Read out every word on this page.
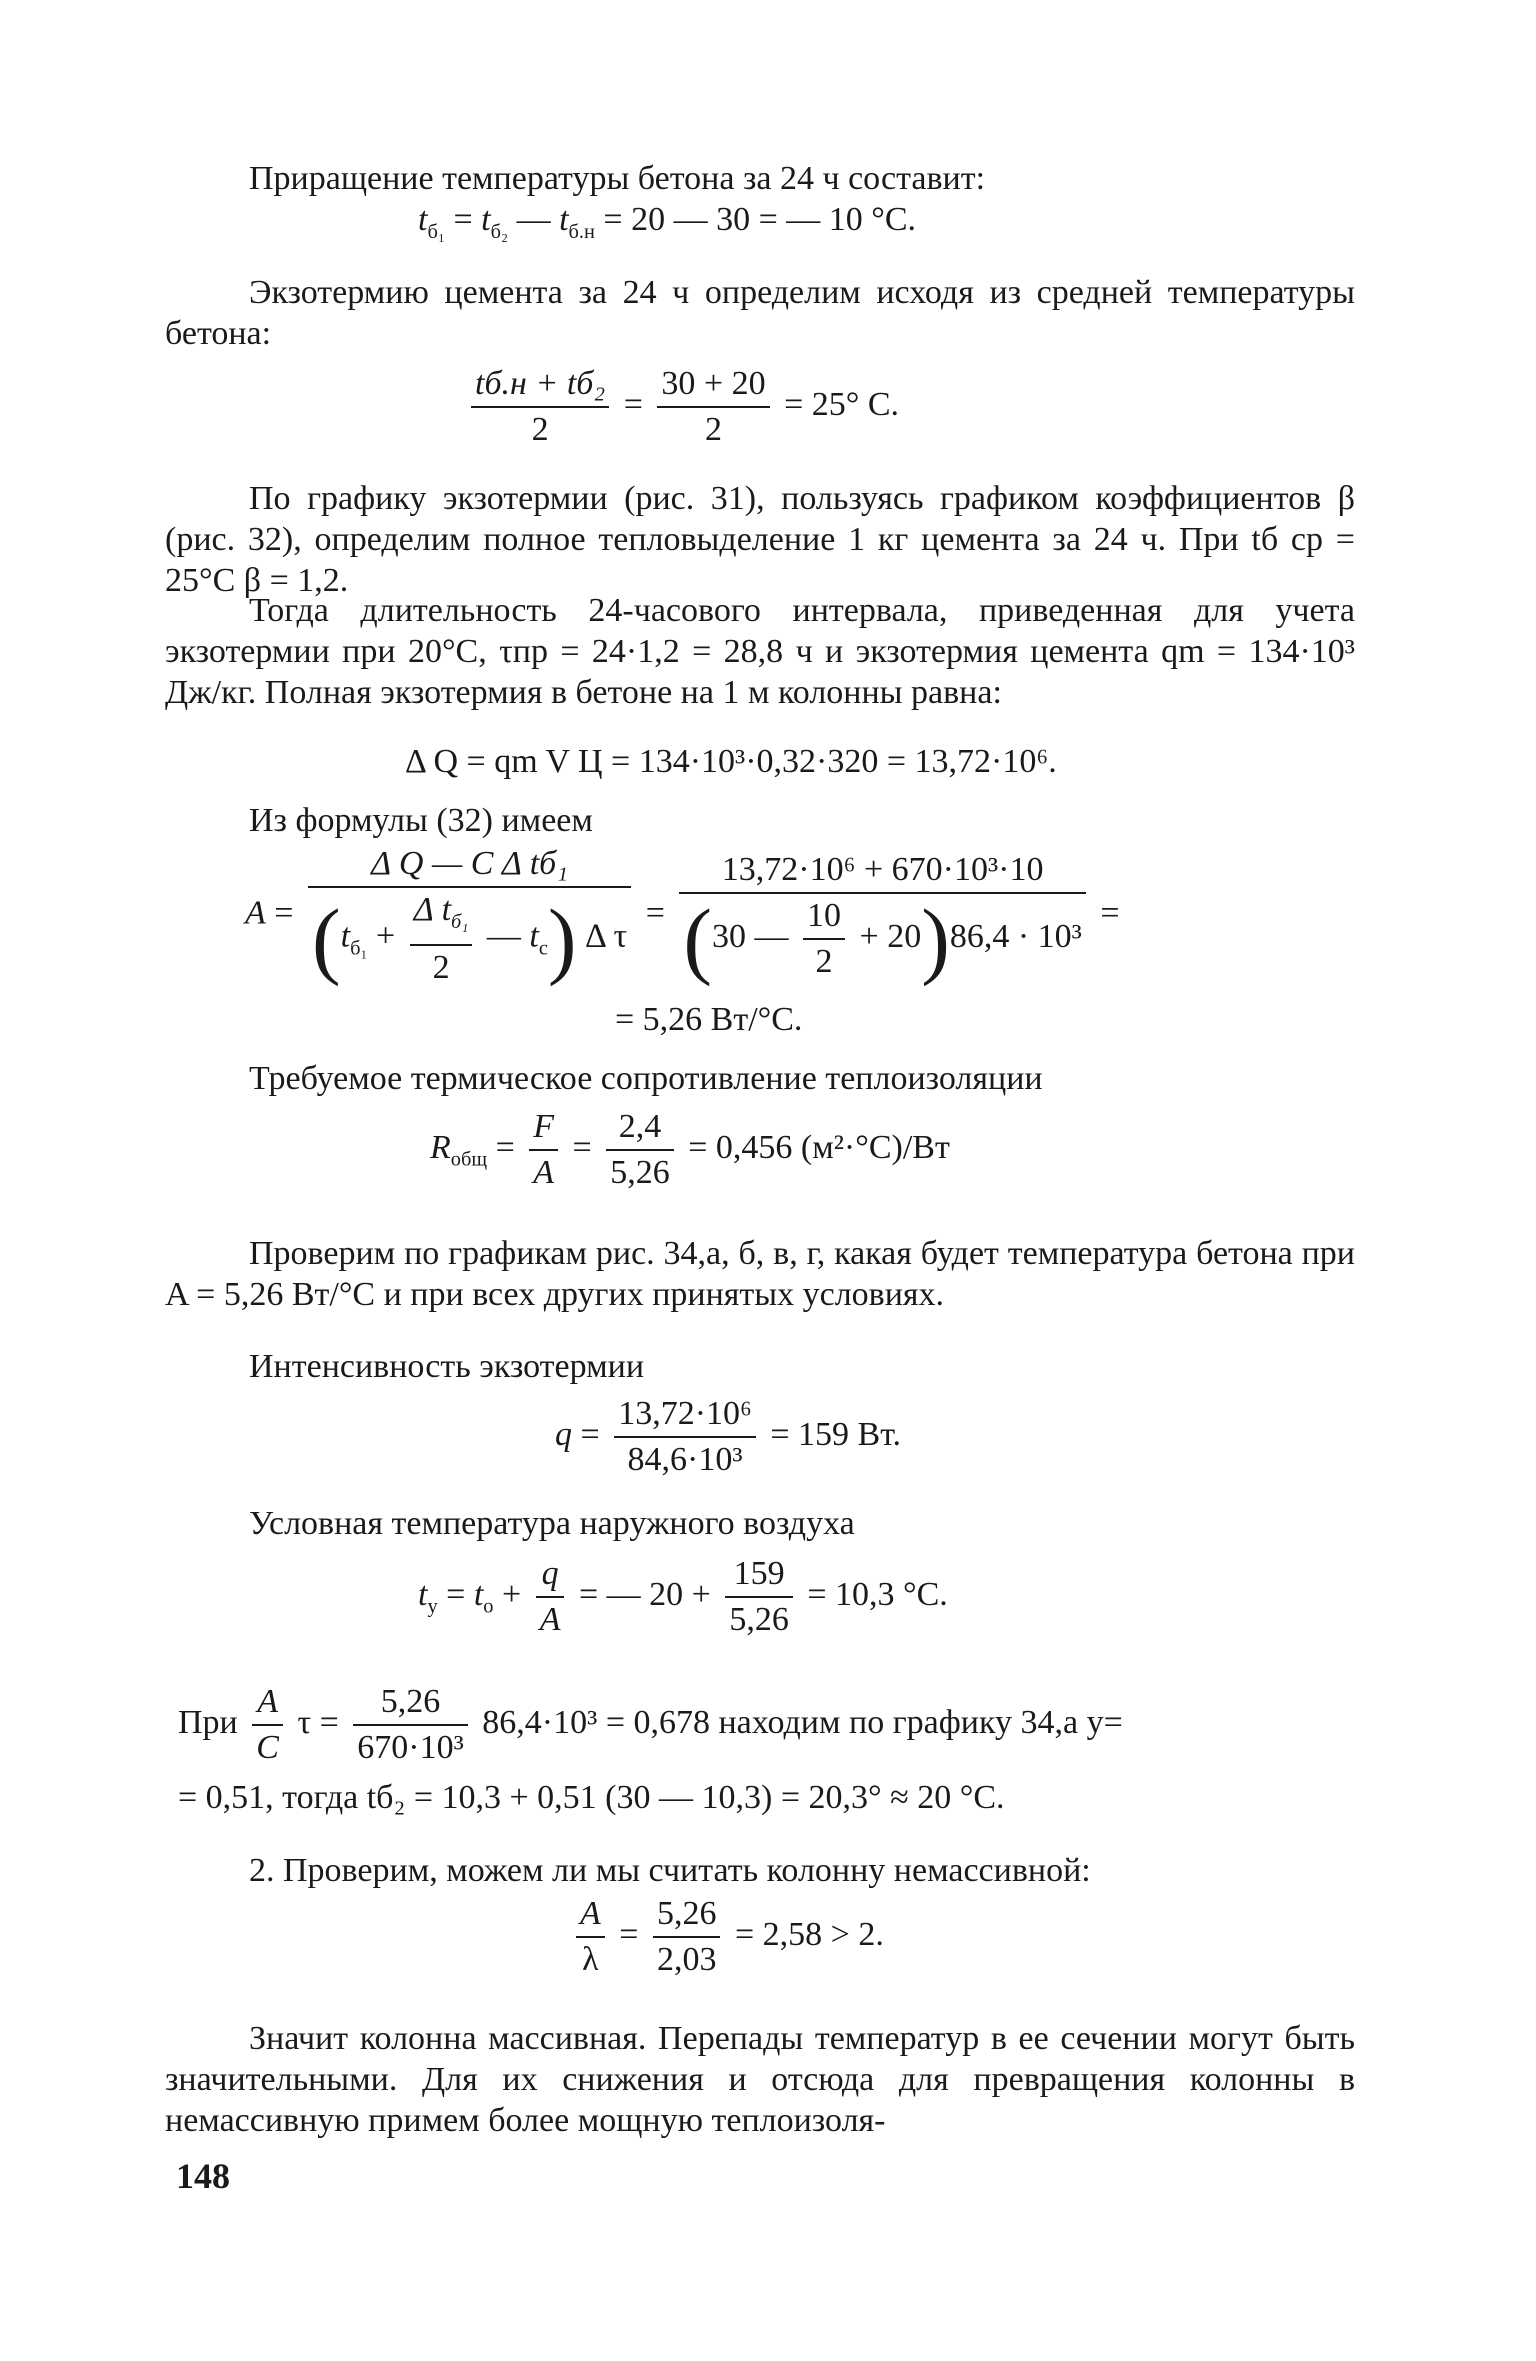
Приращение температуры бетона за 24 ч составит:

$t_{б_1} = t_{б_2}$ — $t_{б.н} = 20$ — 30 = — 10 °С.

Экзотермию цемента за 24 ч определим исходя из средней температуры бетона:

$\frac{\text{tб.н + tб₂}}{2} = \frac{30 + 20}{2} = 25^\circ$ С.

По графику экзотермии (рис. 31), пользуясь графиком коэффициентов β (рис. 32), определим полное тепловыделение 1 кг цемента за 24 ч. При tб ср = 25°С β = 1,2.

Тогда длительность 24-часового интервала, приведенная для учета экзотермии при 20°С, τпр = 24·1,2 = 28,8 ч и экзотермия цемента qm = 134·10³ Дж/кг. Полная экзотермия в бетоне на 1 м колонны равна:

Δ Q = qm V Ц = 134·10³·0,32·320 = 13,72·10⁶.

Из формулы (32) имеем

$A = \frac{\text{Δ Q — C Δ tб₁}}{(t_{б_1} + \frac{\Delta t_{б_1}}{2} — t_c) \Delta \tau} = \frac{\text{13,72·10⁶ + 670·10³·10}}{(30 — \frac{10}{2} + 20)86,4 \cdot 10^3}$ =
= 5,26 Вт/°С.

Требуемое термическое сопротивление теплоизоляции

$R_{общ} = \frac{F}{A} = \frac{2,4}{5,26} = 0,456$ (м²·°С)/Вт

Проверим по графикам рис. 34,а, б, в, г, какая будет температура бетона при A = 5,26 Вт/°С и при всех других принятых условиях.

Интенсивность экзотермии

$q = \frac{\text{13,72·10⁶}}{\text{84,6·10³}} = 159$ Вт.

Условная температура наружного воздуха

$t_y = t_o + \frac{q}{A}$ = — $20 + \frac{159}{5,26} = 10,3$ °С.
При $\frac{A}{C}$ $\tau = \frac{5,26}{\text{670·10³}} 86,4\cdot 10^3 = 0,678$ находим по графику 34,а y=
= 0,51, тогда tб₂ = 10,3 + 0,51 (30 — 10,3) = 20,3° ≈ 20 °С.

2. Проверим, можем ли мы считать колонну немассивной:

$\frac{A}{\lambda} = \frac{5,26}{2,03} = 2,58 > 2$.

Значит колонна массивная. Перепады температур в ее сечении могут быть значительными. Для их снижения и отсюда для превращения колонны в немассивную примем более мощную теплоизоля-

148
